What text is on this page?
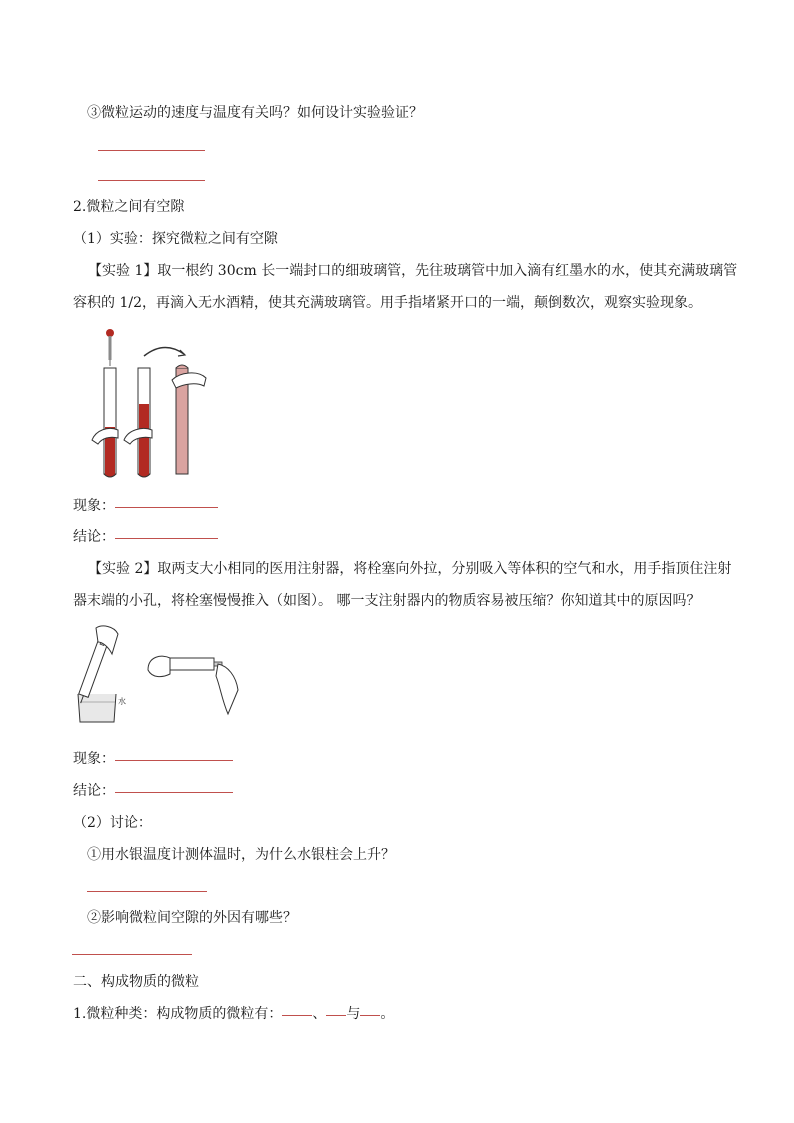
③微粒运动的速度与温度有关吗？如何设计实验验证？
2.微粒之间有空隙
（1）实验：探究微粒之间有空隙
【实验 1】取一根约 30cm 长一端封口的细玻璃管，先往玻璃管中加入滴有红墨水的水，使其充满玻璃管
容积的 1/2，再滴入无水酒精，使其充满玻璃管。用手指堵紧开口的一端，颠倒数次，观察实验现象。
现象：
结论：
【实验 2】取两支大小相同的医用注射器，将栓塞向外拉，分别吸入等体积的空气和水，用手指顶住注射
器末端的小孔，将栓塞慢慢推入（如图）。 哪一支注射器内的物质容易被压缩？你知道其中的原因吗？
水
现象：
结论：
（2）讨论：
①用水银温度计测体温时，为什么水银柱会上升？
②影响微粒间空隙的外因有哪些？
二、构成物质的微粒
1.微粒种类：构成物质的微粒有： 、 与 。
